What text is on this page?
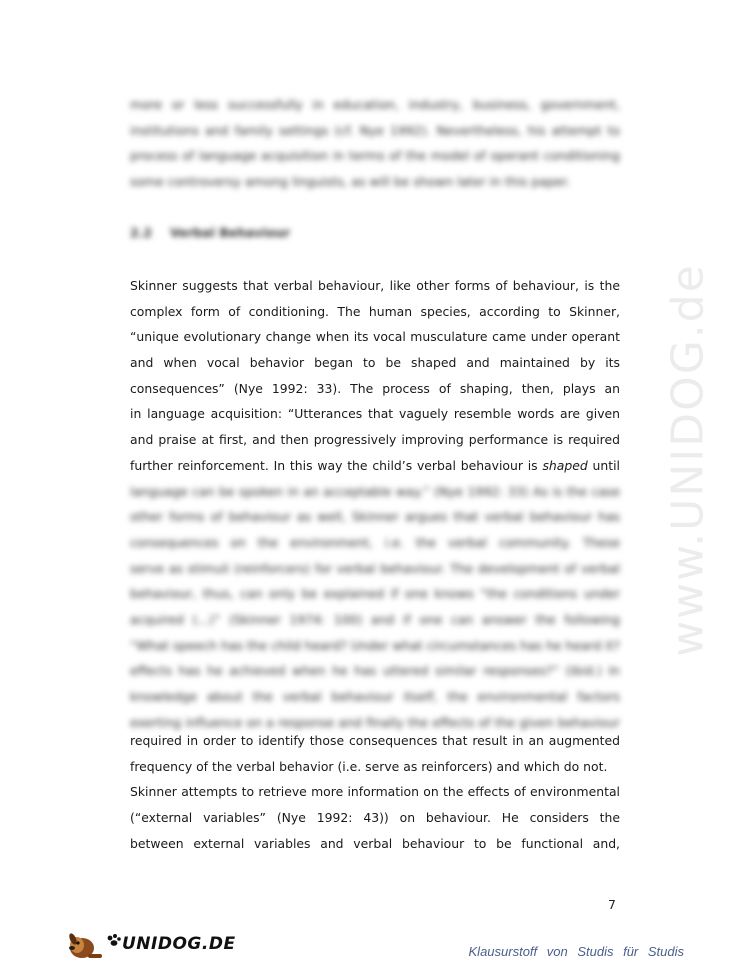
more or less successfully in education, industry, business, government,
institutions and family settings (cf. Nye 1992). Nevertheless, his attempt to
process of language acquisition in terms of the model of operant conditioning
some controversy among linguists, as will be shown later in this paper.
2.2 Verbal Behaviour
Skinner suggests that verbal behaviour, like other forms of behaviour, is the
complex form of conditioning. The human species, according to Skinner,
“unique evolutionary change when its vocal musculature came under operant
and when vocal behavior began to be shaped and maintained by its
consequences” (Nye 1992: 33). The process of shaping, then, plays an
in language acquisition: “Utterances that vaguely resemble words are given
and praise at first, and then progressively improving performance is required
further reinforcement. In this way the child’s verbal behaviour is shaped until
language can be spoken in an acceptable way.” (Nye 1992: 33) As is the case
other forms of behaviour as well, Skinner argues that verbal behaviour has
consequences on the environment, i.e. the verbal community. These
serve as stimuli (reinforcers) for verbal behaviour. The development of verbal
behaviour, thus, can only be explained if one knows “the conditions under
acquired (...)” (Skinner 1974: 100) and if one can answer the following
“What speech has the child heard? Under what circumstances has he heard it?
effects has he achieved when he has uttered similar responses?” (ibid.) In
knowledge about the verbal behaviour itself, the environmental factors
exerting influence on a response and finally the effects of the given behaviour
required in order to identify those consequences that result in an augmented
frequency of the verbal behavior (i.e. serve as reinforcers) and which do not.
Skinner attempts to retrieve more information on the effects of environmental
(“external variables” (Nye 1992: 43)) on behaviour. He considers the
between external variables and verbal behaviour to be functional and,
www.UNIDOG.de
7
UNIDOG.DE	Klausurstoff von Studis für Studis
